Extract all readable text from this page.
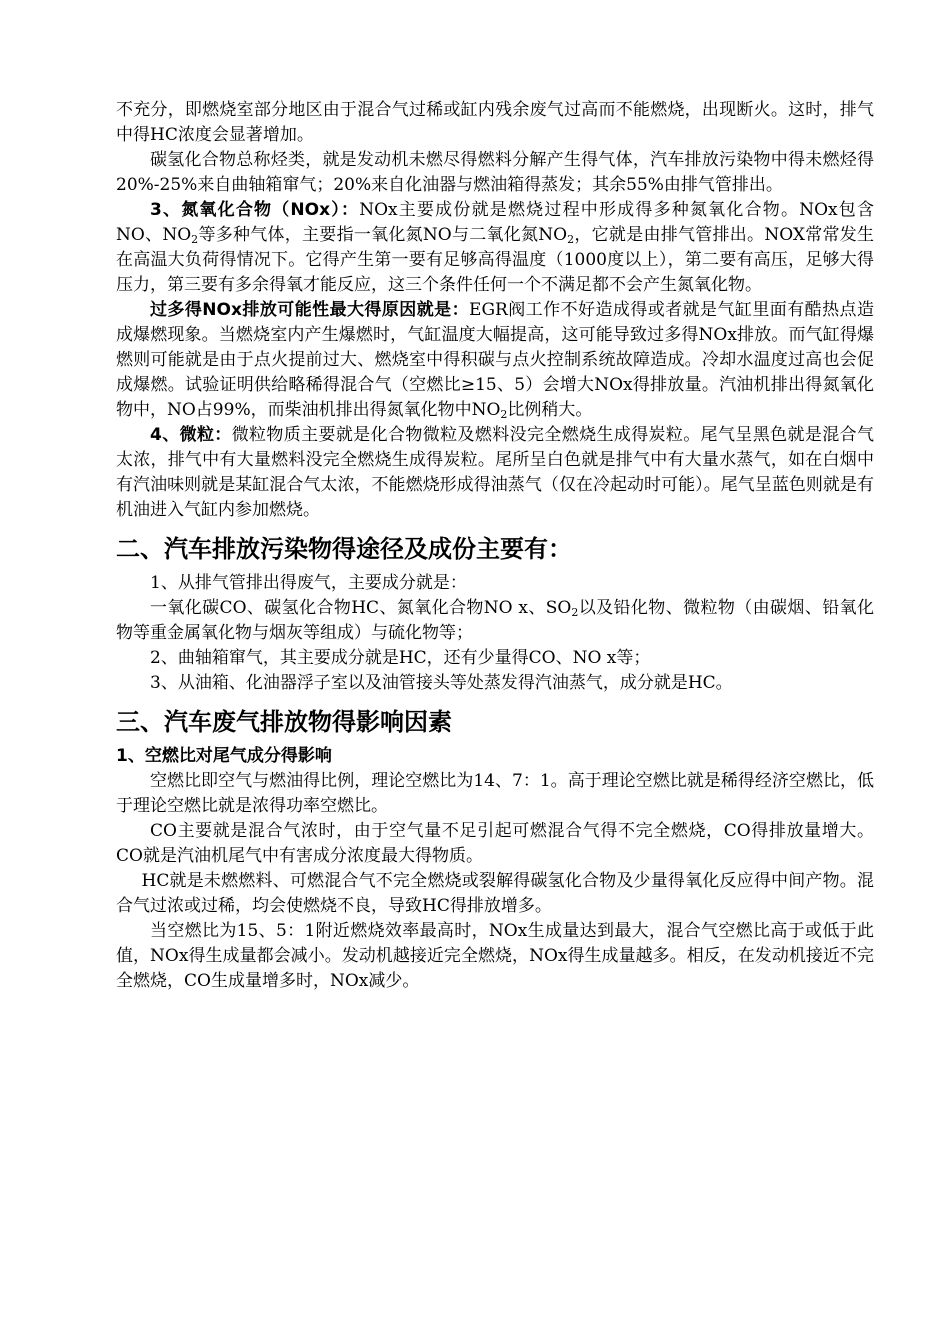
不充分，即燃烧室部分地区由于混合气过稀或缸内残余废气过高而不能燃烧，出现断火。这时，排气中得HC浓度会显著增加。

碳氢化合物总称烃类，就是发动机未燃尽得燃料分解产生得气体，汽车排放污染物中得未燃烃得20%-25%来自曲轴箱窜气；20%来自化油器与燃油箱得蒸发；其余55%由排气管排出。

3、氮氧化合物（NOx）：NOx主要成份就是燃烧过程中形成得多种氮氧化合物。NOx包含NO、$NO_2$等多种气体，主要指一氧化氮NO与二氧化氮$NO_2$，它就是由排气管排出。NOX常常发生在高温大负荷得情况下。它得产生第一要有足够高得温度（1000度以上），第二要有高压，足够大得压力，第三要有多余得氧才能反应，这三个条件任何一个不满足都不会产生氮氧化物。

过多得NOx排放可能性最大得原因就是：EGR阀工作不好造成得或者就是气缸里面有酷热点造成爆燃现象。当燃烧室内产生爆燃时，气缸温度大幅提高，这可能导致过多得NOx排放。而气缸得爆燃则可能就是由于点火提前过大、燃烧室中得积碳与点火控制系统故障造成。冷却水温度过高也会促成爆燃。试验证明供给略稀得混合气（空燃比≥15、5）会增大NOx得排放量。汽油机排出得氮氧化物中，NO占99%，而柴油机排出得氮氧化物中$NO_2$比例稍大。

4、微粒：微粒物质主要就是化合物微粒及燃料没完全燃烧生成得炭粒。尾气呈黑色就是混合气太浓，排气中有大量燃料没完全燃烧生成得炭粒。尾所呈白色就是排气中有大量水蒸气，如在白烟中有汽油味则就是某缸混合气太浓，不能燃烧形成得油蒸气（仅在冷起动时可能）。尾气呈蓝色则就是有机油进入气缸内参加燃烧。

二、汽车排放污染物得途径及成份主要有：

1、从排气管排出得废气，主要成分就是：

一氧化碳CO、碳氢化合物HC、氮氧化合物NO x、$SO_2$以及铅化物、微粒物（由碳烟、铅氧化物等重金属氧化物与烟灰等组成）与硫化物等；

2、曲轴箱窜气，其主要成分就是HC，还有少量得CO、NO x等；

3、从油箱、化油器浮子室以及油管接头等处蒸发得汽油蒸气，成分就是HC。

三、汽车废气排放物得影响因素
1、空燃比对尾气成分得影响

空燃比即空气与燃油得比例，理论空燃比为14、7：1。高于理论空燃比就是稀得经济空燃比，低于理论空燃比就是浓得功率空燃比。

CO主要就是混合气浓时，由于空气量不足引起可燃混合气得不完全燃烧，CO得排放量增大。CO就是汽油机尾气中有害成分浓度最大得物质。

HC就是未燃燃料、可燃混合气不完全燃烧或裂解得碳氢化合物及少量得氧化反应得中间产物。混合气过浓或过稀，均会使燃烧不良，导致HC得排放增多。

当空燃比为15、5：1附近燃烧效率最高时，NOx生成量达到最大，混合气空燃比高于或低于此值，NOx得生成量都会减小。发动机越接近完全燃烧，NOx得生成量越多。相反，在发动机接近不完全燃烧，CO生成量增多时，NOx减少。
